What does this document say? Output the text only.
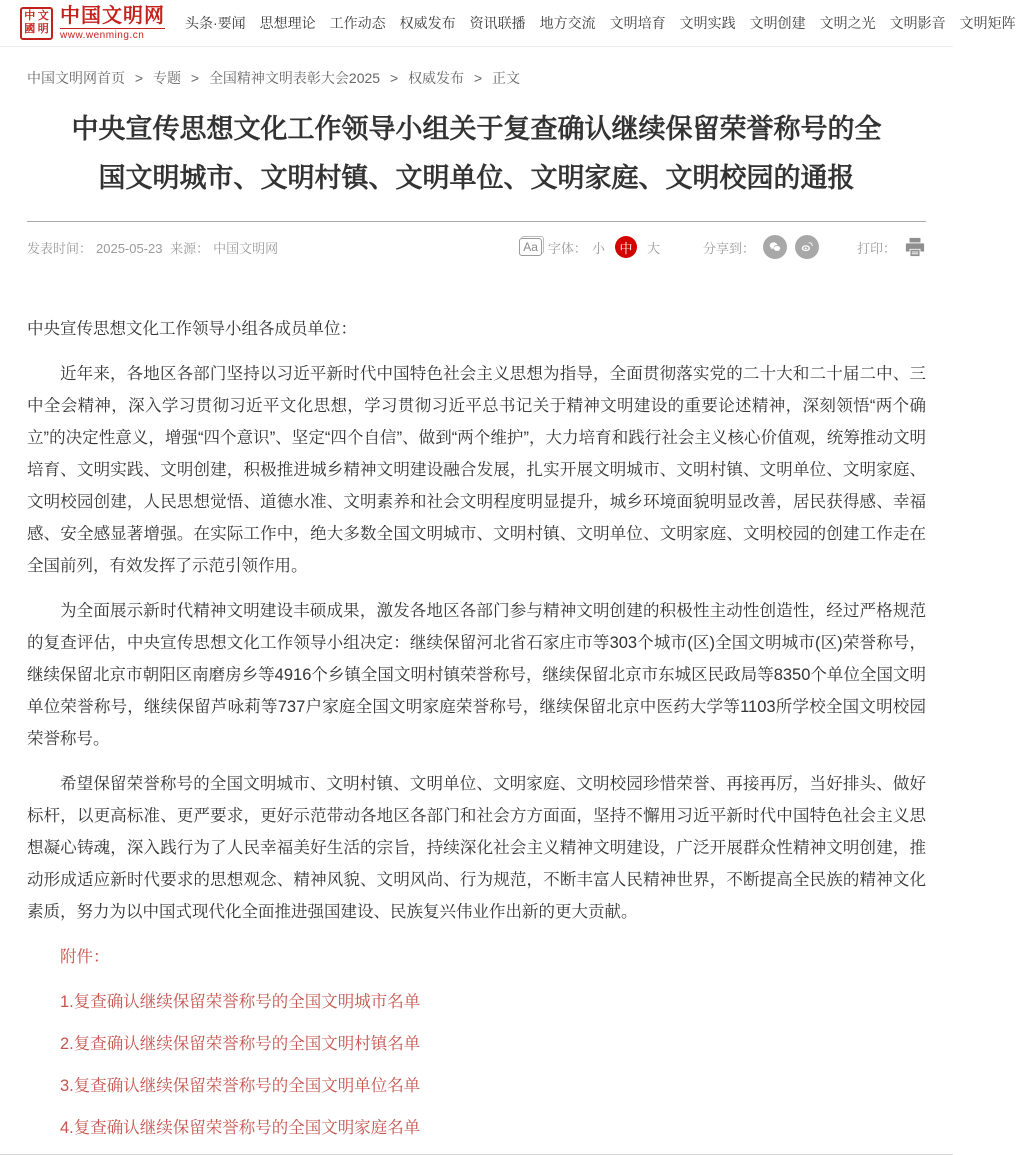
中 文
國 明
中国文明网
www.wenming.cn
头条·要闻 思想理论 工作动态 权威发布 资讯联播 地方交流 文明培育 文明实践 文明创建 文明之光 文明影音 文明矩阵
中国文明网首页 > 专题 > 全国精神文明表彰大会2025 > 权威发布 > 正文
中央宣传思想文化工作领导小组关于复查确认继续保留荣誉称号的全国文明城市、文明村镇、文明单位、文明家庭、文明校园的通报
发表时间： 2025-05-23 来源： 中国文明网	Aa 字体： 小	中	大	分享到：	打印：

中央宣传思想文化工作领导小组各成员单位：

近年来，各地区各部门坚持以习近平新时代中国特色社会主义思想为指导，全面贯彻落实党的二十大和二十届二中、三中全会精神，深入学习贯彻习近平文化思想，学习贯彻习近平总书记关于精神文明建设的重要论述精神，深刻领悟“两个确立”的决定性意义，增强“四个意识”、坚定“四个自信”、做到“两个维护”，大力培育和践行社会主义核心价值观，统筹推动文明培育、文明实践、文明创建，积极推进城乡精神文明建设融合发展，扎实开展文明城市、文明村镇、文明单位、文明家庭、文明校园创建，人民思想觉悟、道德水准、文明素养和社会文明程度明显提升，城乡环境面貌明显改善，居民获得感、幸福感、安全感显著增强。在实际工作中，绝大多数全国文明城市、文明村镇、文明单位、文明家庭、文明校园的创建工作走在全国前列，有效发挥了示范引领作用。

为全面展示新时代精神文明建设丰硕成果，激发各地区各部门参与精神文明创建的积极性主动性创造性，经过严格规范的复查评估，中央宣传思想文化工作领导小组决定：继续保留河北省石家庄市等303个城市(区)全国文明城市(区)荣誉称号，继续保留北京市朝阳区南磨房乡等4916个乡镇全国文明村镇荣誉称号，继续保留北京市东城区民政局等8350个单位全国文明单位荣誉称号，继续保留芦咏莉等737户家庭全国文明家庭荣誉称号，继续保留北京中医药大学等1103所学校全国文明校园荣誉称号。

希望保留荣誉称号的全国文明城市、文明村镇、文明单位、文明家庭、文明校园珍惜荣誉、再接再厉，当好排头、做好标杆，以更高标准、更严要求，更好示范带动各地区各部门和社会方方面面，坚持不懈用习近平新时代中国特色社会主义思想凝心铸魂，深入践行为了人民幸福美好生活的宗旨，持续深化社会主义精神文明建设，广泛开展群众性精神文明创建，推动形成适应新时代要求的思想观念、精神风貌、文明风尚、行为规范，不断丰富人民精神世界，不断提高全民族的精神文化素质，努力为以中国式现代化全面推进强国建设、民族复兴伟业作出新的更大贡献。

附件：

1.复查确认继续保留荣誉称号的全国文明城市名单
2.复查确认继续保留荣誉称号的全国文明村镇名单
3.复查确认继续保留荣誉称号的全国文明单位名单
4.复查确认继续保留荣誉称号的全国文明家庭名单
